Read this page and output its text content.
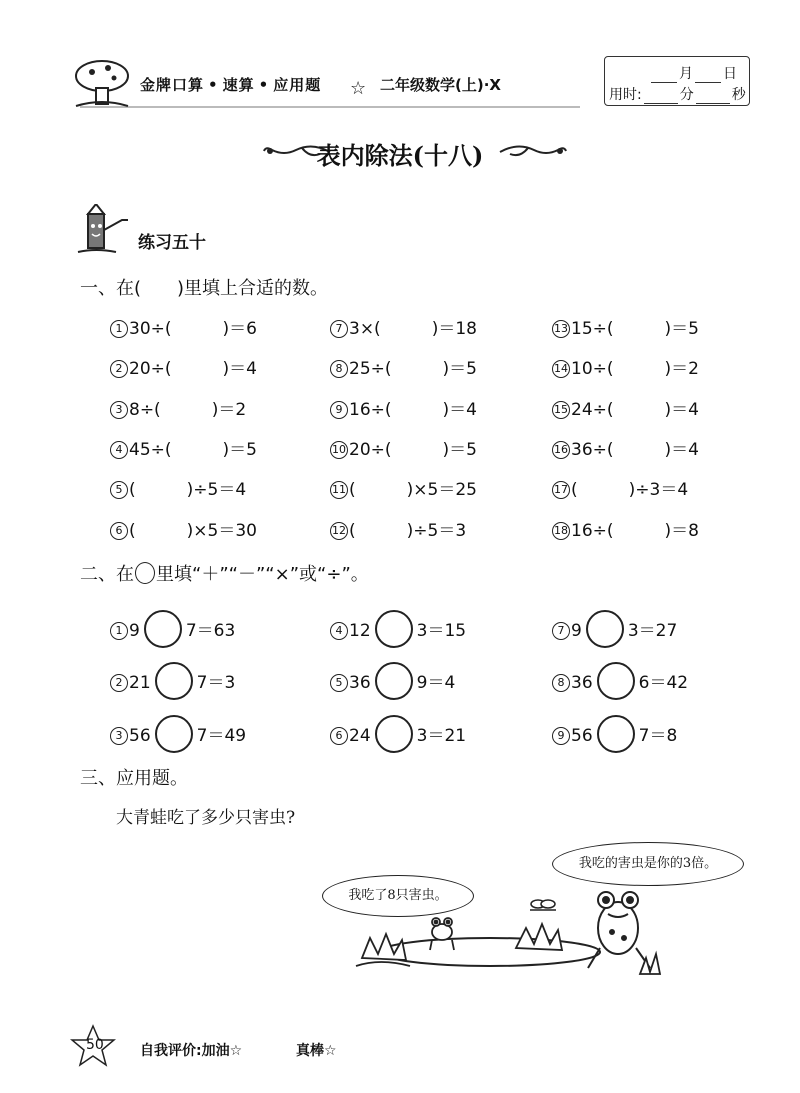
金牌口算 • 速算 • 应用题 ☆ 二年级数学(上)·X
月 日
用时:	分	秒
表内除法(十八)
练习五十
一、在(　　)里填上合适的数。
1 30÷(　　　)＝6
2 20÷(　　　)＝4
3 8÷(　　　)＝2
4 45÷(　　　)＝5
5 (　　　)÷5＝4
6 (　　　)×5＝30
7 3×(　　　)＝18
8 25÷(　　　)＝5
9 16÷(　　　)＝4
10 20÷(　　　)＝5
11 (　　　)×5＝25
12 (　　　)÷5＝3
13 15÷(　　　)＝5
14 10÷(　　　)＝2
15 24÷(　　　)＝4
16 36÷(　　　)＝4
17 (　　　)÷3＝4
18 16÷(　　　)＝8
二、在 里填“＋”“－”“×”或“÷”。
1 9	7＝63
2 21	7＝3
3 56	7＝49
4 12	3＝15
5 36	9＝4
6 24	3＝21
7 9	3＝27
8 36	6＝42
9 56	7＝8
三、应用题。
大青蛙吃了多少只害虫?
我吃的害虫是你的3倍。
我吃了8只害虫。
50	自我评价:加油☆	真棒☆
